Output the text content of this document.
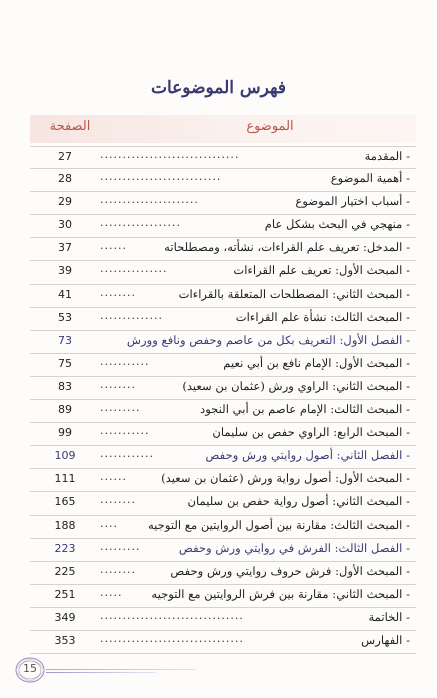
فهرس الموضوعات
الموضوع
الصفحة
- المقدمة
...............................
27
- أهمية الموضوع
...........................
28
- أسباب اختيار الموضوع
......................
29
- منهجي في البحث بشكل عام
..................
30
- المدخل: تعريف علم القراءات، نشأته، ومصطلحاته
......
37
- المبحث الأول: تعريف علم القراءات
...............
39
- المبحث الثاني: المصطلحات المتعلقة بالقراءات
........
41
- المبحث الثالث: نشأة علم القراءات
..............
53
- الفصل الأول: التعريف بكل من عاصم وحفص ونافع وورش
73
- المبحث الأول: الإمام نافع بن أبي نعيم
...........
75
- المبحث الثاني: الراوي ورش (عثمان بن سعيد)
........
83
- المبحث الثالث: الإمام عاصم بن أبي النجود
.........
89
- المبحث الرابع: الراوي حفص بن سليمان
...........
99
- الفصل الثاني: أصول روايتي ورش وحفص
............
109
- المبحث الأول: أصول رواية ورش (عثمان بن سعيد)
......
111
- المبحث الثاني: أصول رواية حفص بن سليمان
........
165
- المبحث الثالث: مقارنة بين أصول الروايتين مع التوجيه
....
188
- الفصل الثالث: الفرش في روايتي ورش وحفص
.........
223
- المبحث الأول: فرش حروف روايتي ورش وحفص
........
225
- المبحث الثاني: مقارنة بين فرش الروايتين مع التوجيه
.....
251
- الخاتمة
................................
349
- الفهارس
................................
353
15
